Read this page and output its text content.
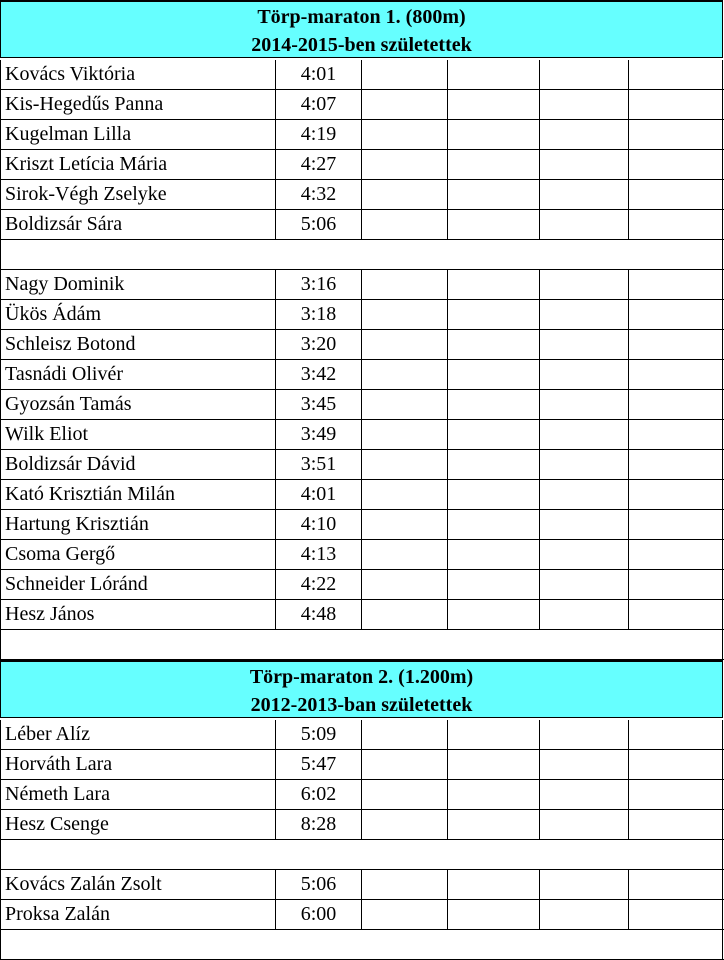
Törp-maraton 1. (800m)
2014-2015-ben születettek
Kovács Viktória	4:01
Kis-Hegedűs Panna	4:07
Kugelman Lilla	4:19
Kriszt Letícia Mária	4:27
Sirok-Végh Zselyke	4:32
Boldizsár Sára	5:06
Nagy Dominik	3:16
Ükös Ádám	3:18
Schleisz Botond	3:20
Tasnádi Olivér	3:42
Gyozsán Tamás	3:45
Wilk Eliot	3:49
Boldizsár Dávid	3:51
Kató Krisztián Milán	4:01
Hartung Krisztián	4:10
Csoma Gergő	4:13
Schneider Lóránd	4:22
Hesz János	4:48
Törp-maraton 2. (1.200m)
2012-2013-ban születettek
Léber Alíz	5:09
Horváth Lara	5:47
Németh Lara	6:02
Hesz Csenge	8:28
Kovács Zalán Zsolt	5:06
Proksa Zalán	6:00
